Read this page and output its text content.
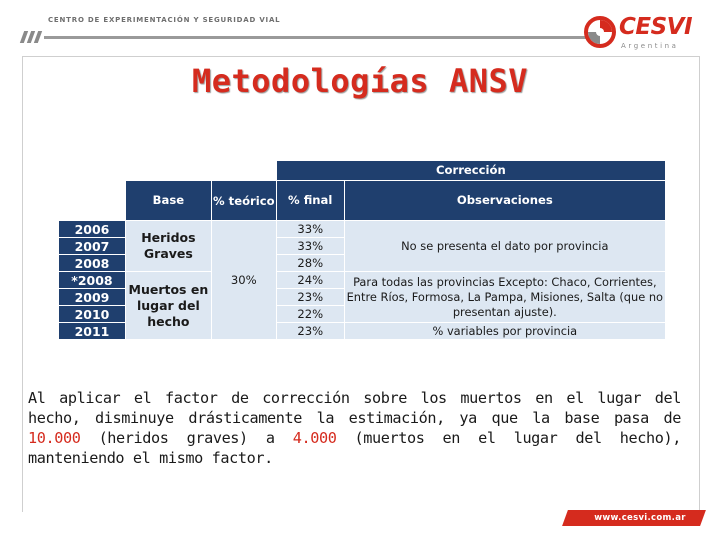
CENTRO DE EXPERIMENTACIÓN Y SEGURIDAD VIAL	CESVI
Argentina
Metodologías ANSV
			Corrección	
	Base	% teórico	% final	Observaciones
2006	Heridos Graves	30%	33%	No se presenta el dato por provincia
2007			33%	
2008			28%	
*2008	Muertos en lugar del hecho		24%	Para todas las provincias Excepto: Chaco, Corrientes, Entre Ríos, Formosa, La Pampa, Misiones, Salta (que no presentan ajuste).
2009			23%	
2010			22%	
2011			23%	% variables por provincia

Al aplicar el factor de corrección sobre los muertos en el lugar del hecho, disminuye drásticamente la estimación, ya que la base pasa de 10.000 (heridos graves) a 4.000 (muertos en el lugar del hecho), manteniendo el mismo factor.

www.cesvi.com.ar
